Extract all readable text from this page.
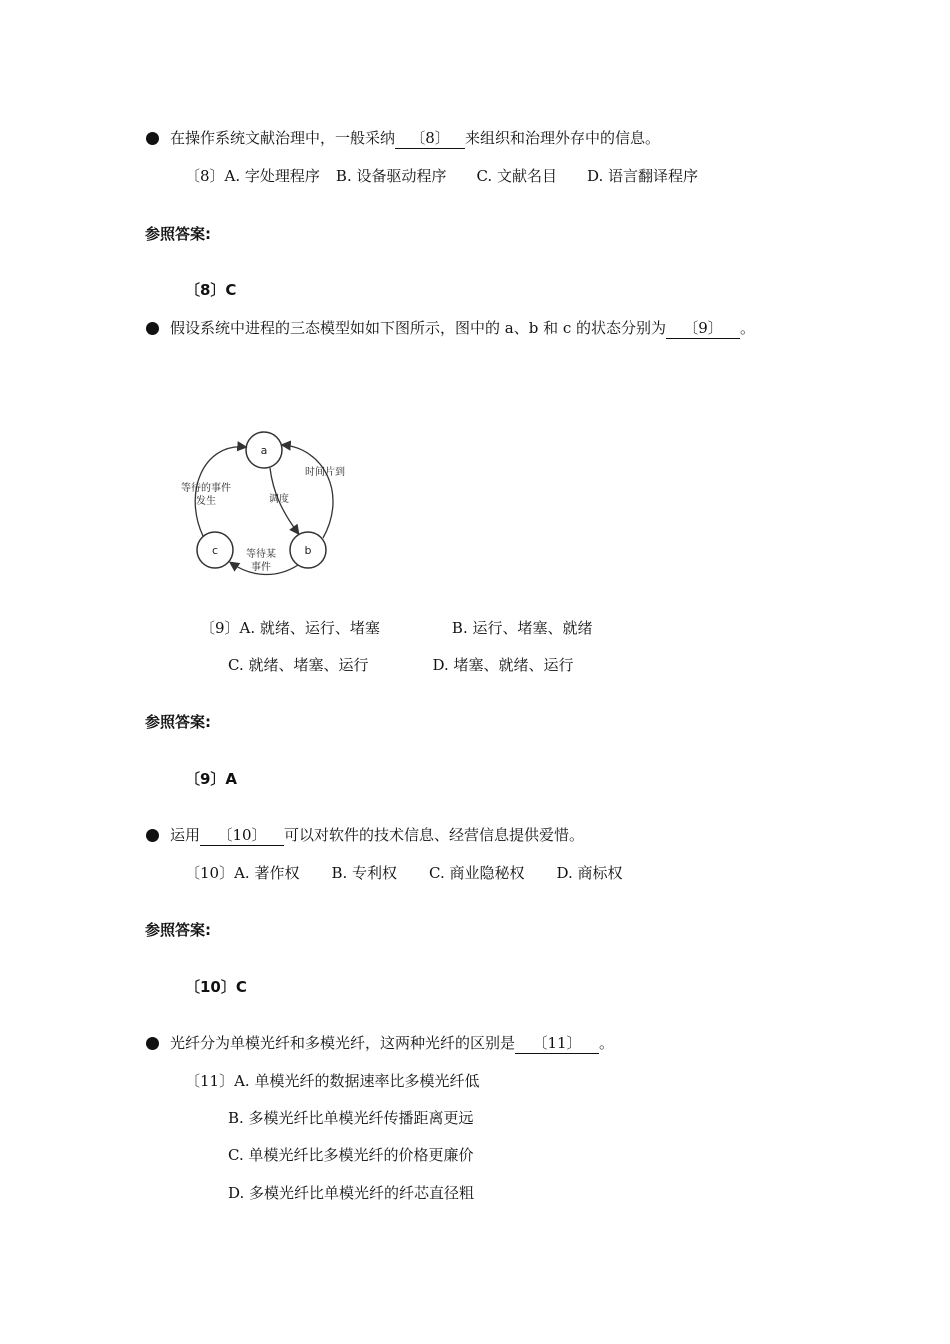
在操作系统文献治理中，一般采纳 〔8〕 来组织和治理外存中的信息。
〔8〕A. 字处理程序 B. 设备驱动程序 C. 文献名目 D. 语言翻译程序
参照答案:
〔8〕C
假设系统中进程的三态模型如如下图所示，图中的 a、b 和 c 的状态分别为 〔9〕 。
a
b
c
等待的事件
发生	调度
时间片到
等待某
事件
〔9〕A. 就绪、运行、堵塞	B. 运行、堵塞、就绪
C. 就绪、堵塞、运行	D. 堵塞、就绪、运行
参照答案:
〔9〕A
运用 〔10〕 可以对软件的技术信息、经营信息提供爱惜。
〔10〕A. 著作权 B. 专利权 C. 商业隐秘权 D. 商标权
参照答案:
〔10〕C
光纤分为单模光纤和多模光纤，这两种光纤的区别是 〔11〕 。
〔11〕A. 单模光纤的数据速率比多模光纤低
B. 多模光纤比单模光纤传播距离更远
C. 单模光纤比多模光纤的价格更廉价
D. 多模光纤比单模光纤的纤芯直径粗
